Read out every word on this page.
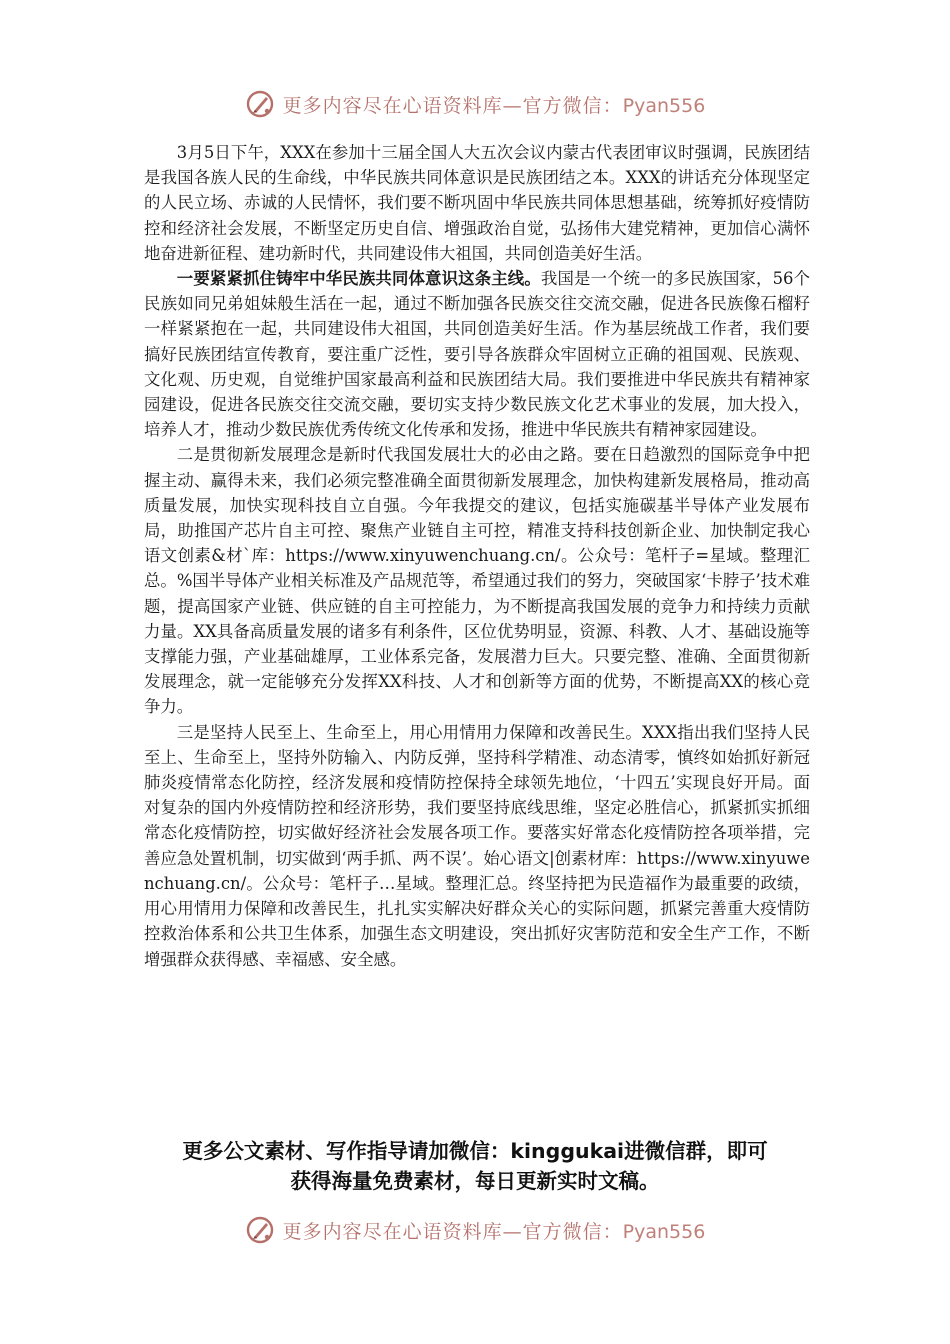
更多内容尽在心语资料库—官方微信：Pyan556

3月5日下午，XXX在参加十三届全国人大五次会议内蒙古代表团审议时强调，民族团结是我国各族人民的生命线，中华民族共同体意识是民族团结之本。XXX的讲话充分体现坚定的人民立场、赤诚的人民情怀，我们要不断巩固中华民族共同体思想基础，统筹抓好疫情防控和经济社会发展，不断坚定历史自信、增强政治自觉，弘扬伟大建党精神，更加信心满怀地奋进新征程、建功新时代，共同建设伟大祖国，共同创造美好生活。

一要紧紧抓住铸牢中华民族共同体意识这条主线。我国是一个统一的多民族国家，56个民族如同兄弟姐妹般生活在一起，通过不断加强各民族交往交流交融，促进各民族像石榴籽一样紧紧抱在一起，共同建设伟大祖国，共同创造美好生活。作为基层统战工作者，我们要搞好民族团结宣传教育，要注重广泛性，要引导各族群众牢固树立正确的祖国观、民族观、文化观、历史观，自觉维护国家最高利益和民族团结大局。我们要推进中华民族共有精神家园建设，促进各民族交往交流交融，要切实支持少数民族文化艺术事业的发展，加大投入，培养人才，推动少数民族优秀传统文化传承和发扬，推进中华民族共有精神家园建设。

二是贯彻新发展理念是新时代我国发展壮大的必由之路。要在日趋激烈的国际竞争中把握主动、赢得未来，我们必须完整准确全面贯彻新发展理念，加快构建新发展格局，推动高质量发展，加快实现科技自立自强。今年我提交的建议，包括实施碳基半导体产业发展布局，助推国产芯片自主可控、聚焦产业链自主可控，精准支持科技创新企业、加快制定我心语文创素&材`库：https://www.xinyuwenchuang.cn/。公众号：笔杆子=星域。整理汇总。%国半导体产业相关标准及产品规范等，希望通过我们的努力，突破国家‘卡脖子’技术难题，提高国家产业链、供应链的自主可控能力，为不断提高我国发展的竞争力和持续力贡献力量。XX具备高质量发展的诸多有利条件，区位优势明显，资源、科教、人才、基础设施等支撑能力强，产业基础雄厚，工业体系完备，发展潜力巨大。只要完整、准确、全面贯彻新发展理念，就一定能够充分发挥XX科技、人才和创新等方面的优势，不断提高XX的核心竞争力。

三是坚持人民至上、生命至上，用心用情用力保障和改善民生。XXX指出我们坚持人民至上、生命至上，坚持外防输入、内防反弹，坚持科学精准、动态清零，慎终如始抓好新冠肺炎疫情常态化防控，经济发展和疫情防控保持全球领先地位，‘十四五’实现良好开局。面对复杂的国内外疫情防控和经济形势，我们要坚持底线思维，坚定必胜信心，抓紧抓实抓细常态化疫情防控，切实做好经济社会发展各项工作。要落实好常态化疫情防控各项举措，完善应急处置机制，切实做到‘两手抓、两不误’。始心语文|创素材库：https://www.xinyuwenchuang.cn/。公众号：笔杆子…星域。整理汇总。终坚持把为民造福作为最重要的政绩，用心用情用力保障和改善民生，扎扎实实解决好群众关心的实际问题，抓紧完善重大疫情防控救治体系和公共卫生体系，加强生态文明建设，突出抓好灾害防范和安全生产工作，不断增强群众获得感、幸福感、安全感。

更多公文素材、写作指导请加微信：kinggukai进微信群，即可
获得海量免费素材，每日更新实时文稿。
更多内容尽在心语资料库—官方微信：Pyan556
